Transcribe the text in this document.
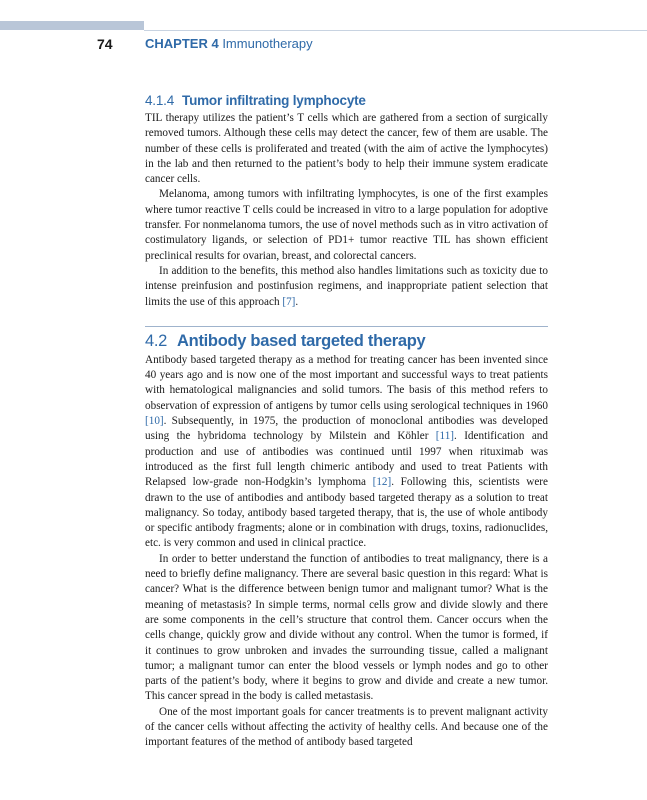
74 CHAPTER 4 Immunotherapy
4.1.4 Tumor infiltrating lymphocyte

TIL therapy utilizes the patient’s T cells which are gathered from a section of surgically removed tumors. Although these cells may detect the cancer, few of them are usable. The number of these cells is proliferated and treated (with the aim of active the lymphocytes) in the lab and then returned to the patient’s body to help their immune system eradicate cancer cells.

Melanoma, among tumors with infiltrating lymphocytes, is one of the first examples where tumor reactive T cells could be increased in vitro to a large population for adoptive transfer. For nonmelanoma tumors, the use of novel methods such as in vitro activation of costimulatory ligands, or selection of PD1+ tumor reactive TIL has shown efficient preclinical results for ovarian, breast, and colorectal cancers.

In addition to the benefits, this method also handles limitations such as toxicity due to intense preinfusion and postinfusion regimens, and inappropriate patient selection that limits the use of this approach [7].

4.2 Antibody based targeted therapy

Antibody based targeted therapy as a method for treating cancer has been invented since 40 years ago and is now one of the most important and successful ways to treat patients with hematological malignancies and solid tumors. The basis of this method refers to observation of expression of antigens by tumor cells using serological techniques in 1960 [10]. Subsequently, in 1975, the production of monoclonal antibodies was developed using the hybridoma technology by Milstein and Köhler [11]. Identification and production and use of antibodies was continued until 1997 when rituximab was introduced as the first full length chimeric antibody and used to treat Patients with Relapsed low-grade non-Hodgkin’s lymphoma [12]. Following this, scientists were drawn to the use of antibodies and antibody based targeted therapy as a solution to treat malignancy. So today, antibody based targeted therapy, that is, the use of whole antibody or specific antibody fragments; alone or in combination with drugs, toxins, radionuclides, etc. is very common and used in clinical practice.

In order to better understand the function of antibodies to treat malignancy, there is a need to briefly define malignancy. There are several basic question in this regard: What is cancer? What is the difference between benign tumor and malignant tumor? What is the meaning of metastasis? In simple terms, normal cells grow and divide slowly and there are some components in the cell’s structure that control them. Cancer occurs when the cells change, quickly grow and divide without any control. When the tumor is formed, if it continues to grow unbroken and invades the surrounding tissue, called a malignant tumor; a malignant tumor can enter the blood vessels or lymph nodes and go to other parts of the patient’s body, where it begins to grow and divide and create a new tumor. This cancer spread in the body is called metastasis.

One of the most important goals for cancer treatments is to prevent malignant activity of the cancer cells without affecting the activity of healthy cells. And because one of the important features of the method of antibody based targeted
